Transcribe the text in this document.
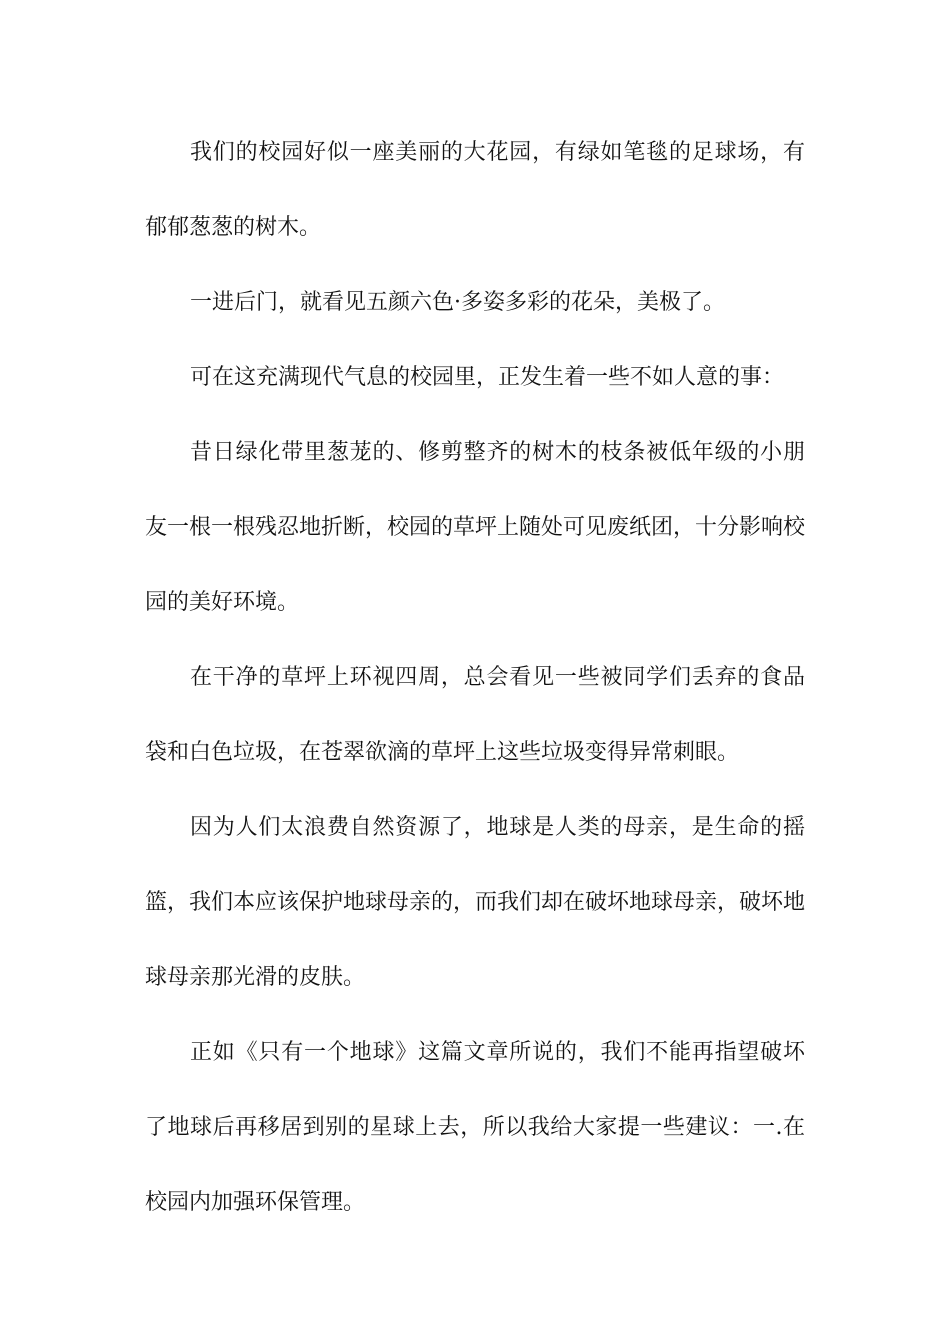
我们的校园好似一座美丽的大花园，有绿如笔毯的足球场，有郁郁葱葱的树木。

一进后门，就看见五颜六色·多姿多彩的花朵，美极了。

可在这充满现代气息的校园里，正发生着一些不如人意的事：

昔日绿化带里葱茏的、修剪整齐的树木的枝条被低年级的小朋友一根一根残忍地折断，校园的草坪上随处可见废纸团，十分影响校园的美好环境。

在干净的草坪上环视四周，总会看见一些被同学们丢弃的食品袋和白色垃圾，在苍翠欲滴的草坪上这些垃圾变得异常刺眼。

因为人们太浪费自然资源了，地球是人类的母亲，是生命的摇篮，我们本应该保护地球母亲的，而我们却在破坏地球母亲，破坏地球母亲那光滑的皮肤。

正如《只有一个地球》这篇文章所说的，我们不能再指望破坏了地球后再移居到别的星球上去，所以我给大家提一些建议：一.在校园内加强环保管理。
